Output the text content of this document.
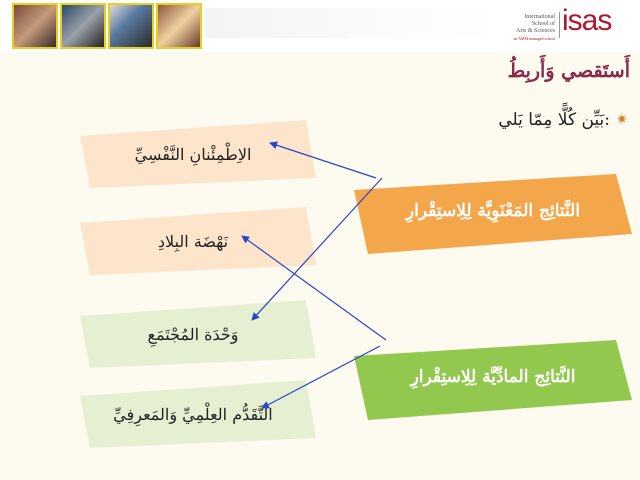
International
School of
Arts & Sciences
an AMSI managed school
isas
أَستَقصي وَأَربِطُ
✷
بَيِّن كُلًّا مِمّا يَلي:
الاِطْمِئْنانِ النَّفْسِيِّ
نَهْضَة البِلادِ
وَحْدَة المُجْتَمَعِ
التَّقَدُّم العِلْمِيِّ وَالمَعرِفِيِّ
النَّتائِج المَعْنَوِيَّة لِلِاستِقْرارِ
النَّتائِج المادِّيَّة لِلِاستِقْرارِ
